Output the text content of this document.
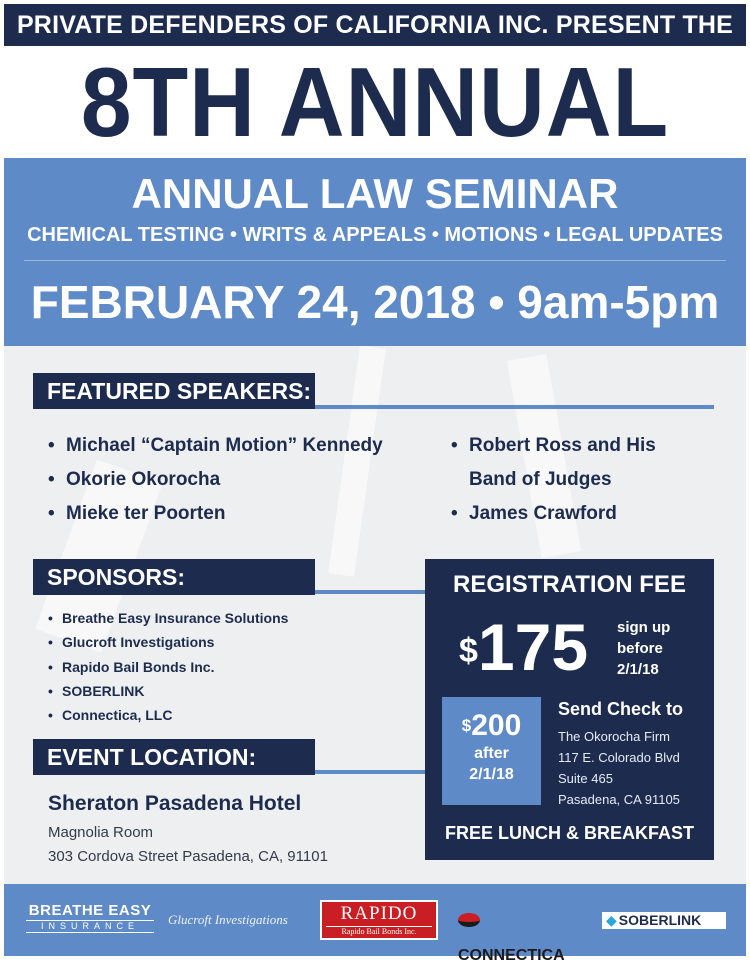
PRIVATE DEFENDERS OF CALIFORNIA INC. PRESENT THE
8TH ANNUAL
ANNUAL LAW SEMINAR
CHEMICAL TESTING • WRITS & APPEALS • MOTIONS • LEGAL UPDATES
FEBRUARY 24, 2018 • 9am-5pm
FEATURED SPEAKERS:
• Michael “Captain Motion” Kennedy
• Okorie Okorocha
• Mieke ter Poorten
• Robert Ross and His
Band of Judges
• James Crawford
SPONSORS:
• Breathe Easy Insurance Solutions
• Glucroft Investigations
• Rapido Bail Bonds Inc.
• SOBERLINK
• Connectica, LLC
EVENT LOCATION:
Sheraton Pasadena Hotel
Magnolia Room
303 Cordova Street Pasadena, CA, 91101
REGISTRATION FEE
$175 sign up
before
2/1/18
$200
after
2/1/18
Send Check to
The Okorocha Firm
117 E. Colorado Blvd
Suite 465
Pasadena, CA 91105
FREE LUNCH & BREAKFAST
BREATHE EASY
INSURANCE	Glucroft Investigations	RAPIDO
Rapido Bail Bonds Inc.
CONNECTICA
◆ SOBERLINK
